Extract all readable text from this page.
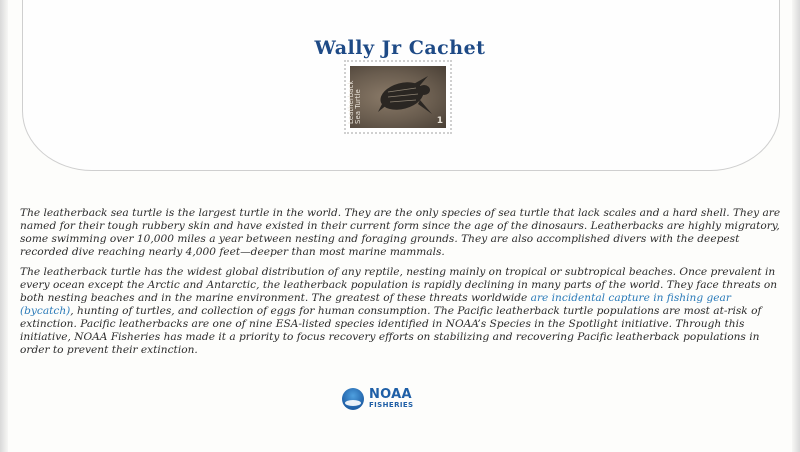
Wally Jr Cachet
Leatherback Sea Turtle	1
The leatherback sea turtle is the largest turtle in the world. They are the only species of sea turtle that lack scales and a hard shell. They are named for their tough rubbery skin and have existed in their current form since the age of the dinosaurs. Leatherbacks are highly migratory, some swimming over 10,000 miles a year between nesting and foraging grounds. They are also accomplished divers with the deepest recorded dive reaching nearly 4,000 feet—deeper than most marine mammals.
The leatherback turtle has the widest global distribution of any reptile, nesting mainly on tropical or subtropical beaches. Once prevalent in every ocean except the Arctic and Antarctic, the leatherback population is rapidly declining in many parts of the world. They face threats on both nesting beaches and in the marine environment. The greatest of these threats worldwide are incidental capture in fishing gear (bycatch), hunting of turtles, and collection of eggs for human consumption. The Pacific leatherback turtle populations are most at-risk of extinction. Pacific leatherbacks are one of nine ESA-listed species identified in NOAA’s Species in the Spotlight initiative. Through this initiative, NOAA Fisheries has made it a priority to focus recovery efforts on stabilizing and recovering Pacific leatherback populations in order to prevent their extinction.
NOAA
FISHERIES
